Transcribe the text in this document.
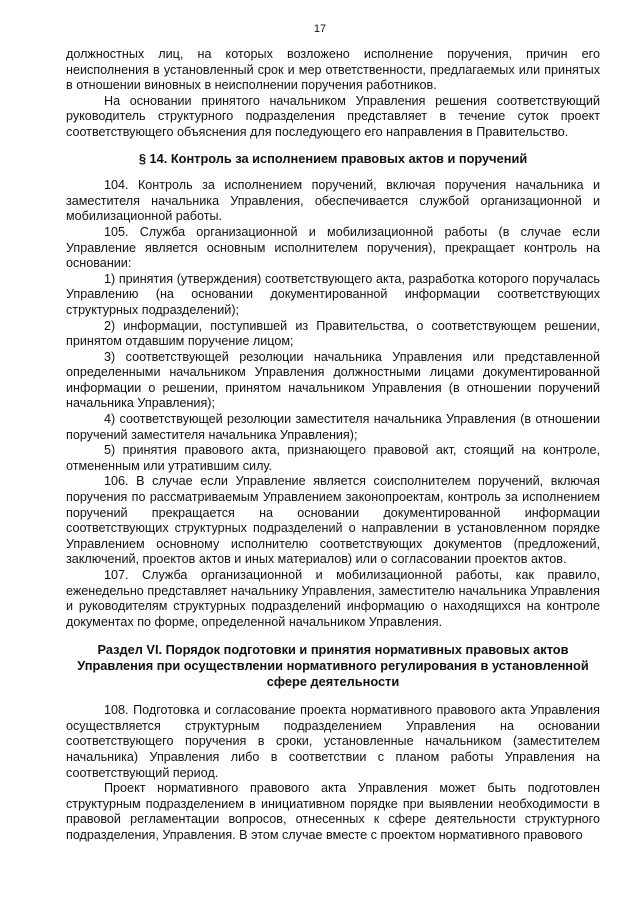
17

должностных лиц, на которых возложено исполнение поручения, причин его неисполнения в установленный срок и мер ответственности, предлагаемых или принятых в отношении виновных в неисполнении поручения работников.

На основании принятого начальником Управления решения соответствующий руководитель структурного подразделения представляет в течение суток проект соответствующего объяснения для последующего его направления в Правительство.

§ 14. Контроль за исполнением правовых актов и поручений

104. Контроль за исполнением поручений, включая поручения начальника и заместителя начальника Управления, обеспечивается службой организационной и мобилизационной работы.

105. Служба организационной и мобилизационной работы (в случае если Управление является основным исполнителем поручения), прекращает контроль на основании:

1) принятия (утверждения) соответствующего акта, разработка которого поручалась Управлению (на основании документированной информации соответствующих структурных подразделений);

2) информации, поступившей из Правительства, о соответствующем решении, принятом отдавшим поручение лицом;

3) соответствующей резолюции начальника Управления или представленной определенными начальником Управления должностными лицами документированной информации о решении, принятом начальником Управления (в отношении поручений начальника Управления);

4) соответствующей резолюции заместителя начальника Управления (в отношении поручений заместителя начальника Управления);

5) принятия правового акта, признающего правовой акт, стоящий на контроле, отмененным или утратившим силу.

106. В случае если Управление является соисполнителем поручений, включая поручения по рассматриваемым Управлением законопроектам, контроль за исполнением поручений прекращается на основании документированной информации соответствующих структурных подразделений о направлении в установленном порядке Управлением основному исполнителю соответствующих документов (предложений, заключений, проектов актов и иных материалов) или о согласовании проектов актов.

107. Служба организационной и мобилизационной работы, как правило, еженедельно представляет начальнику Управления, заместителю начальника Управления и руководителям структурных подразделений информацию о находящихся на контроле документах по форме, определенной начальником Управления.

Раздел VI. Порядок подготовки и принятия нормативных правовых актов
Управления при осуществлении нормативного регулирования в установленной
сфере деятельности

108. Подготовка и согласование проекта нормативного правового акта Управления осуществляется структурным подразделением Управления на основании соответствующего поручения в сроки, установленные начальником (заместителем начальника) Управления либо в соответствии с планом работы Управления на соответствующий период.

Проект нормативного правового акта Управления может быть подготовлен структурным подразделением в инициативном порядке при выявлении необходимости в правовой регламентации вопросов, отнесенных к сфере деятельности структурного подразделения, Управления. В этом случае вместе с проектом нормативного правового
